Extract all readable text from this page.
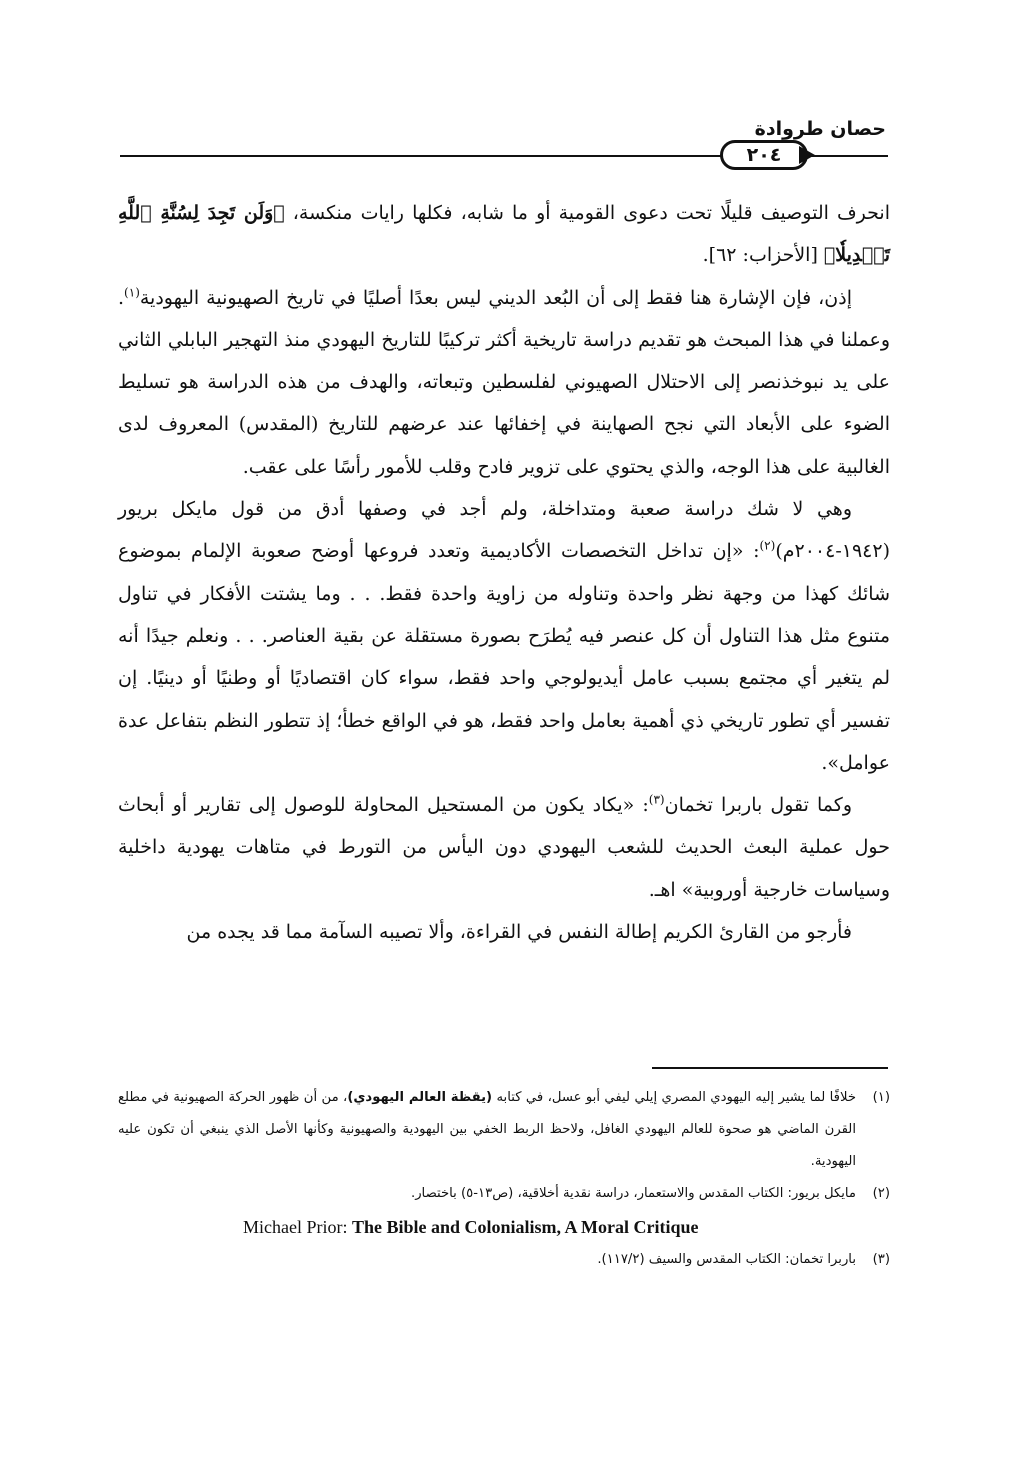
حصان طروادة
٢٠٤

انحرف التوصيف قليلًا تحت دعوى القومية أو ما شابه، فكلها رايات منكسة، ﴿وَلَن تَجِدَ لِسُنَّةِ ٱللَّهِ تَبۡدِيلٗا﴾ [الأحزاب: ٦٢].

إذن، فإن الإشارة هنا فقط إلى أن البُعد الديني ليس بعدًا أصليًا في تاريخ الصهيونية اليهودية$^{(١)}$. وعملنا في هذا المبحث هو تقديم دراسة تاريخية أكثر تركيبًا للتاريخ اليهودي منذ التهجير البابلي الثاني على يد نبوخذنصر إلى الاحتلال الصهيوني لفلسطين وتبعاته، والهدف من هذه الدراسة هو تسليط الضوء على الأبعاد التي نجح الصهاينة في إخفائها عند عرضهم للتاريخ (المقدس) المعروف لدى الغالبية على هذا الوجه، والذي يحتوي على تزوير فادح وقلب للأمور رأسًا على عقب.

وهي لا شك دراسة صعبة ومتداخلة، ولم أجد في وصفها أدق من قول مايكل بريور (١٩٤٢-٢٠٠٤م)$^{(٢)}$: «إن تداخل التخصصات الأكاديمية وتعدد فروعها أوضح صعوبة الإلمام بموضوع شائك كهذا من وجهة نظر واحدة وتناوله من زاوية واحدة فقط. . . وما يشتت الأفكار في تناول متنوع مثل هذا التناول أن كل عنصر فيه يُطرَح بصورة مستقلة عن بقية العناصر. . . ونعلم جيدًا أنه لم يتغير أي مجتمع بسبب عامل أيديولوجي واحد فقط، سواء كان اقتصاديًا أو وطنيًا أو دينيًا. إن تفسير أي تطور تاريخي ذي أهمية بعامل واحد فقط، هو في الواقع خطأ؛ إذ تتطور النظم بتفاعل عدة عوامل».

وكما تقول باربرا تخمان$^{(٣)}$: «يكاد يكون من المستحيل المحاولة للوصول إلى تقارير أو أبحاث حول عملية البعث الحديث للشعب اليهودي دون اليأس من التورط في متاهات يهودية داخلية وسياسات خارجية أوروبية» اهـ.

فأرجو من القارئ الكريم إطالة النفس في القراءة، وألا تصيبه السآمة مما قد يجده من

(١)
خلافًا لما يشير إليه اليهودي المصري إيلي ليفي أبو عسل، في كتابه (يقظة العالم اليهودي)، من أن ظهور الحركة الصهيونية في مطلع القرن الماضي هو صحوة للعالم اليهودي الغافل، ولاحظ الربط الخفي بين اليهودية والصهيونية وكأنها الأصل الذي ينبغي أن تكون عليه اليهودية.
(٢)
مايكل بريور: الكتاب المقدس والاستعمار، دراسة نقدية أخلاقية، (ص١٣-٥) باختصار.
Michael Prior: The Bible and Colonialism, A Moral Critique
(٣)
باربرا تخمان: الكتاب المقدس والسيف (١١٧/٢).
